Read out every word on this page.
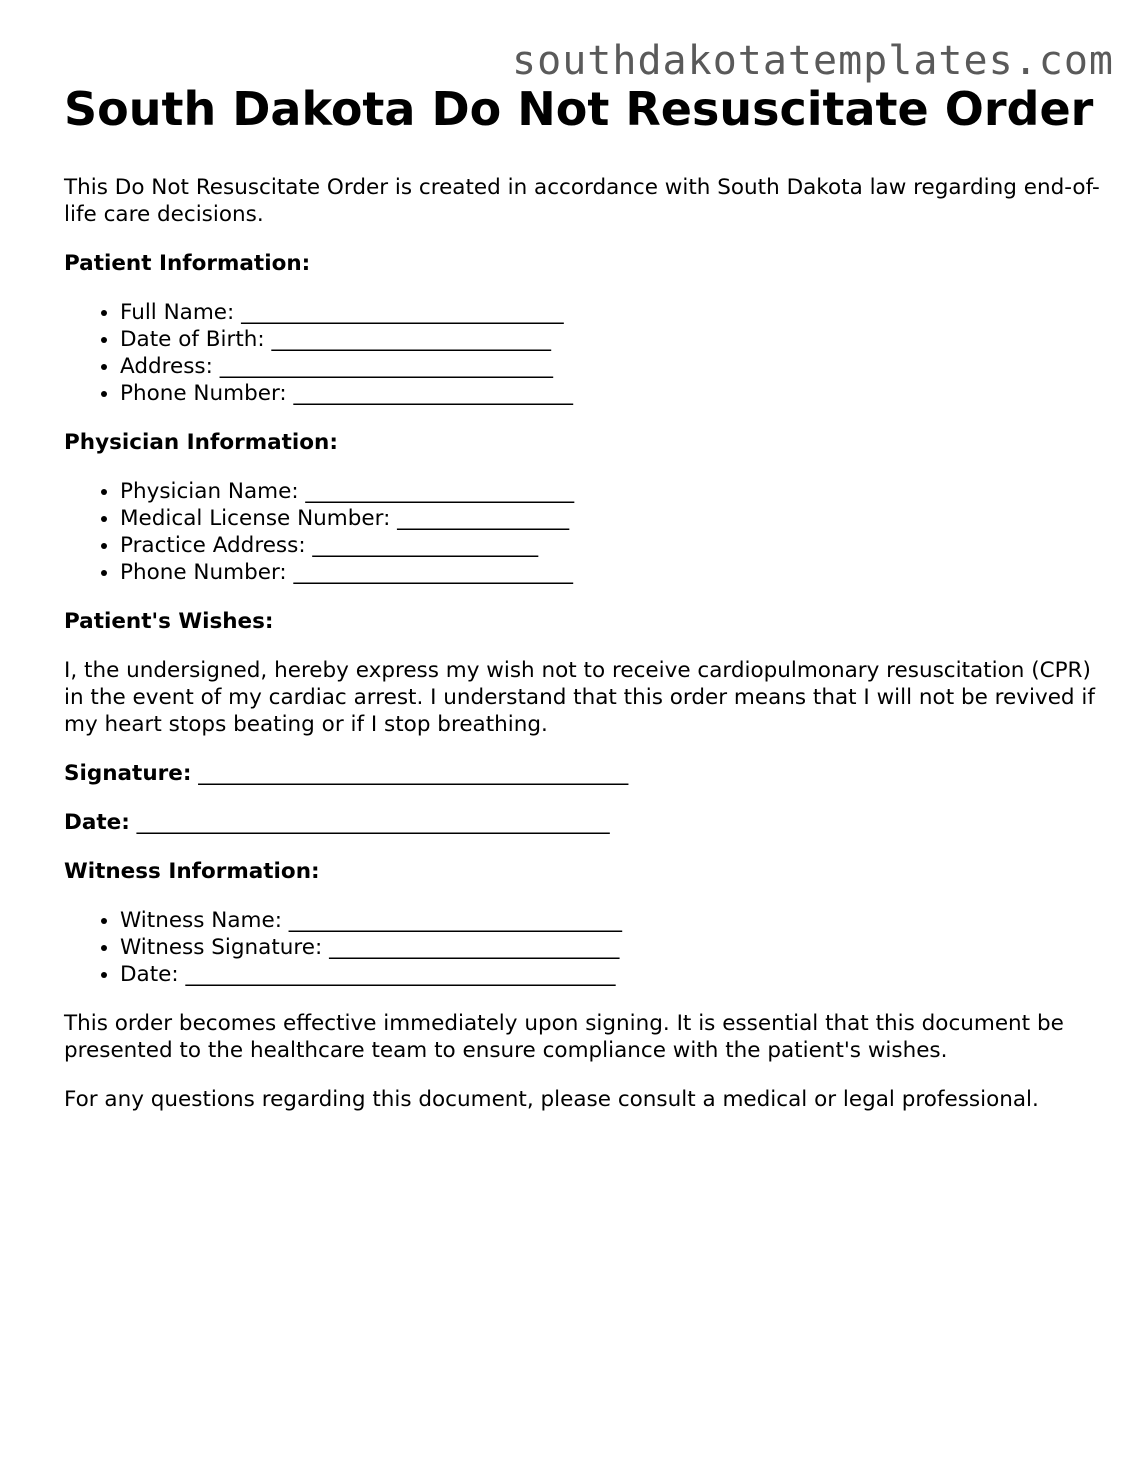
southdakotatemplates.com
South Dakota Do Not Resuscitate Order

This Do Not Resuscitate Order is created in accordance with South Dakota law regarding end-of-life care decisions.

Patient Information:

• Full Name: ______________________________
• Date of Birth: __________________________
• Address: _______________________________
• Phone Number: __________________________

Physician Information:

• Physician Name: _________________________
• Medical License Number: ________________
• Practice Address: _____________________
• Phone Number: __________________________

Patient's Wishes:

I, the undersigned, hereby express my wish not to receive cardiopulmonary resuscitation (CPR) in the event of my cardiac arrest. I understand that this order means that I will not be revived if my heart stops beating or if I stop breathing.

Signature: ________________________________________

Date: ____________________________________________

Witness Information:

• Witness Name: _______________________________
• Witness Signature: ___________________________
• Date: ________________________________________

This order becomes effective immediately upon signing. It is essential that this document be presented to the healthcare team to ensure compliance with the patient's wishes.

For any questions regarding this document, please consult a medical or legal professional.
